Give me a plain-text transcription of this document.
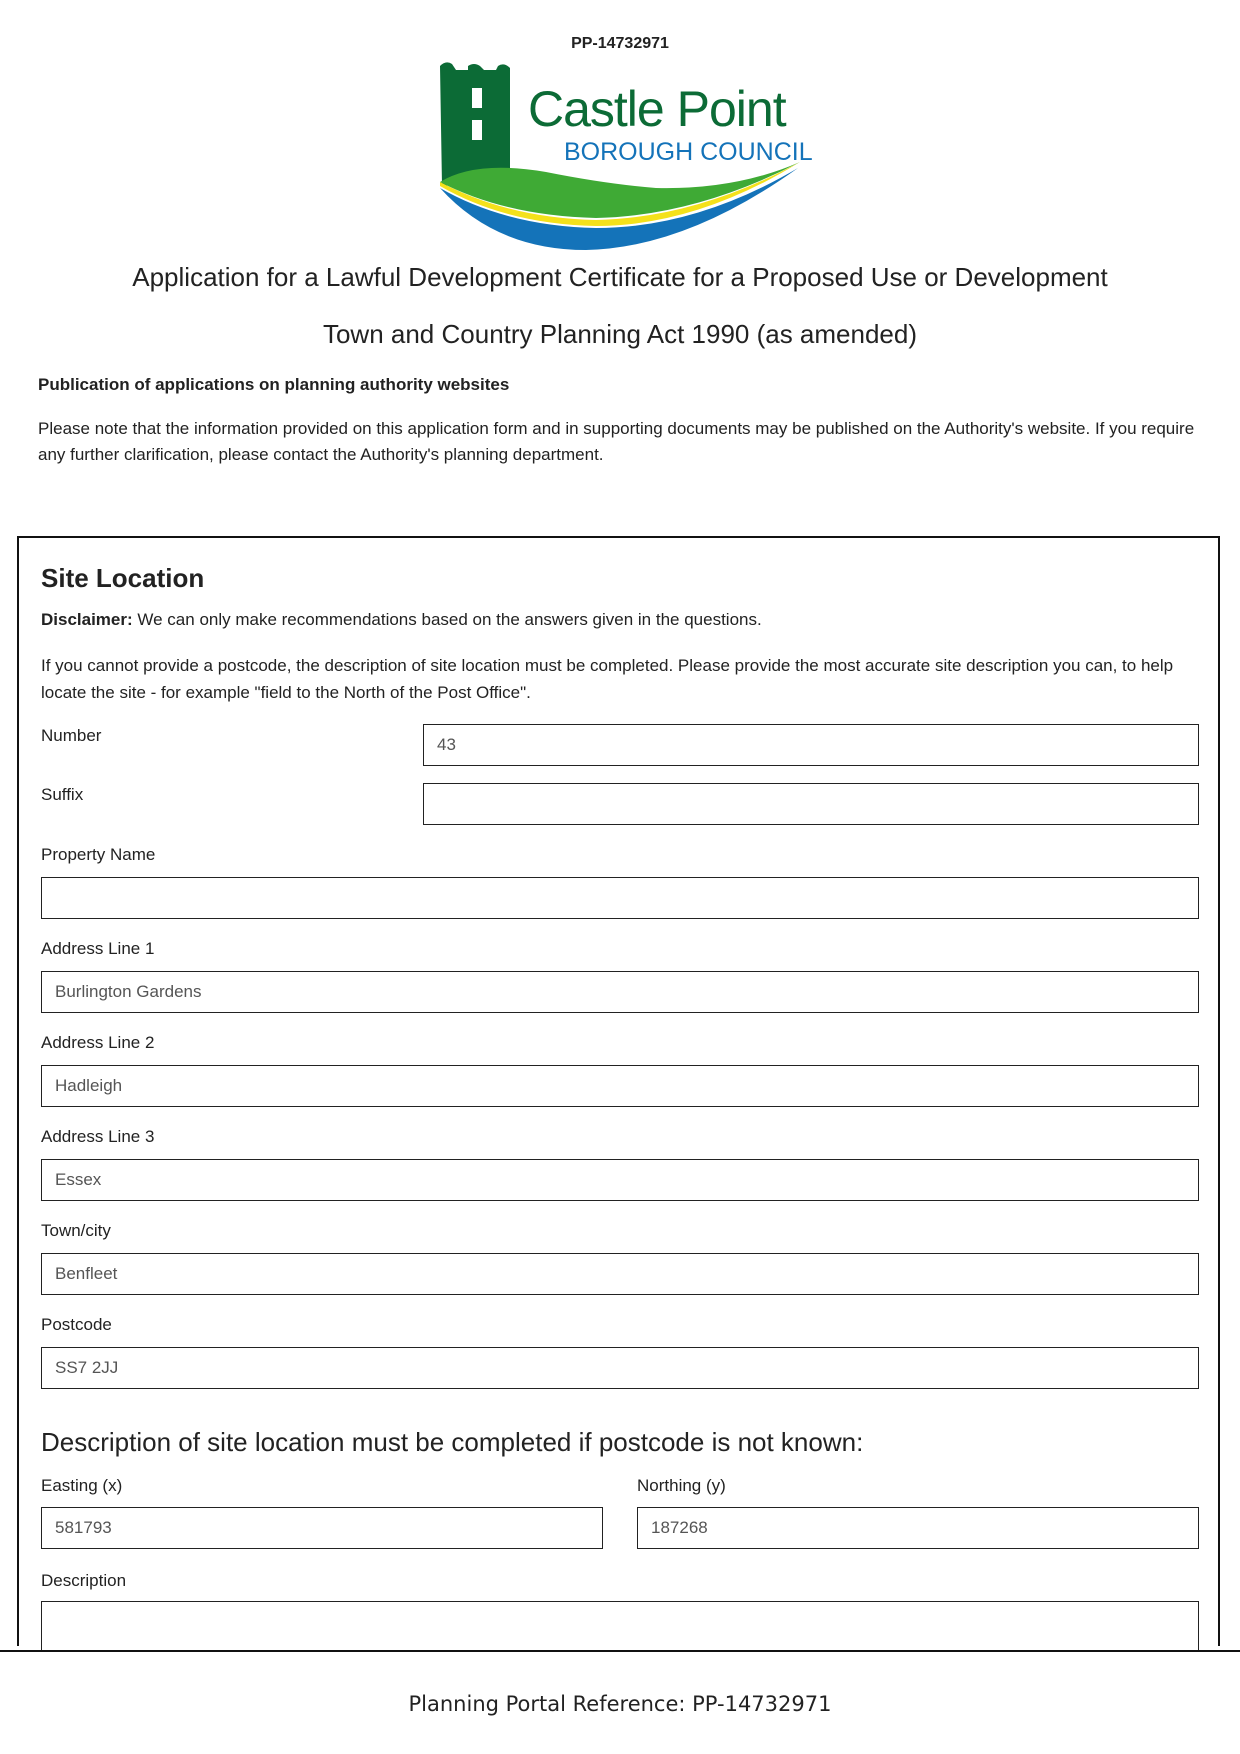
PP-14732971
Castle Point
BOROUGH COUNCIL
Application for a Lawful Development Certificate for a Proposed Use or Development
Town and Country Planning Act 1990 (as amended)
Publication of applications on planning authority websites
Please note that the information provided on this application form and in supporting documents may be published on the Authority's website. If you require any further clarification, please contact the Authority's planning department.
Site Location
Disclaimer: We can only make recommendations based on the answers given in the questions.
If you cannot provide a postcode, the description of site location must be completed. Please provide the most accurate site description you can, to help locate the site - for example "field to the North of the Post Office".
Number	43
Suffix
Property Name
Address Line 1
Burlington Gardens
Address Line 2
Hadleigh
Address Line 3
Essex
Town/city
Benfleet
Postcode
SS7 2JJ
Description of site location must be completed if postcode is not known:
Easting (x)
581793
Northing (y)
187268
Description
Planning Portal Reference: PP-14732971
